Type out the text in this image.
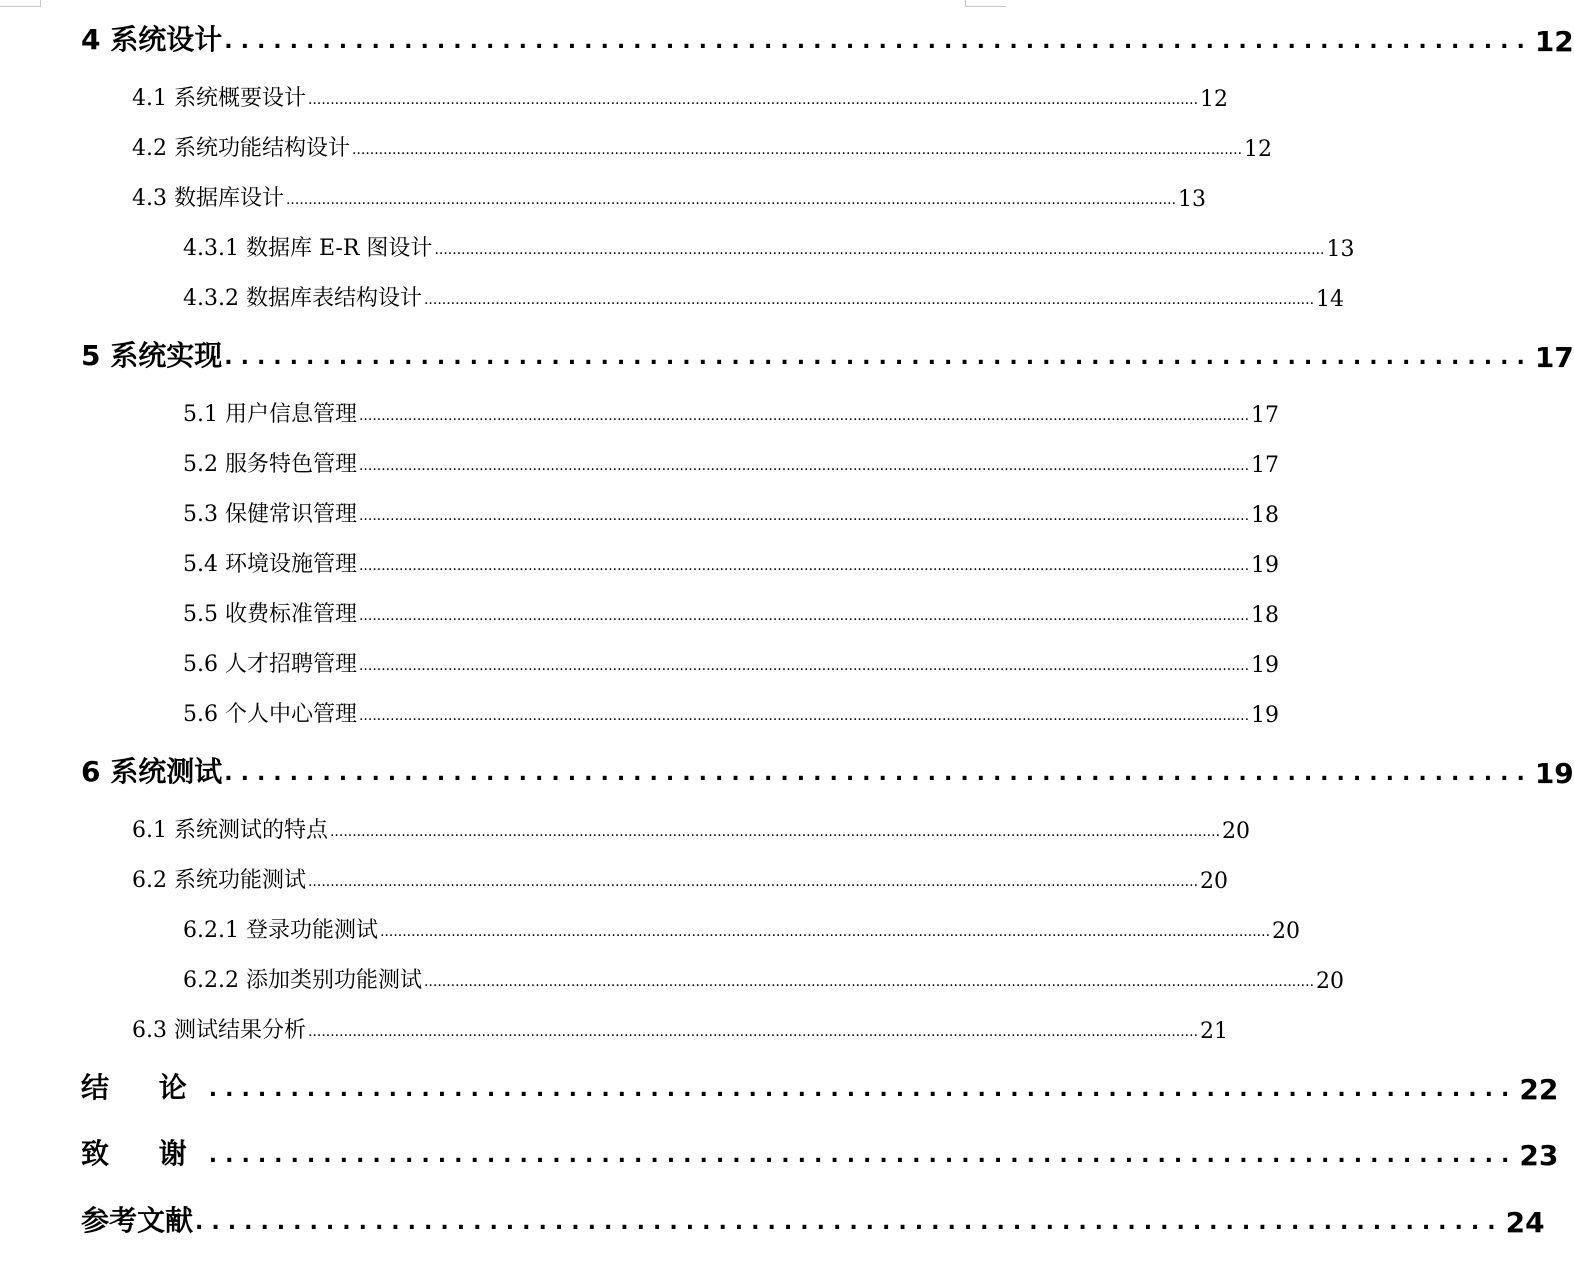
4 系统设计 ................................................................................ 12
4.1 系统概要设计 ........................................................................................................................................................................................................ 12
4.2 系统功能结构设计 ........................................................................................................................................................................................................ 12
4.3 数据库设计 ........................................................................................................................................................................................................ 13
4.3.1 数据库 E-R 图设计 ........................................................................................................................................................................................................ 13
4.3.2 数据库表结构设计 ........................................................................................................................................................................................................ 14
5 系统实现 ................................................................................ 17
5.1 用户信息管理 ........................................................................................................................................................................................................ 17
5.2 服务特色管理 ........................................................................................................................................................................................................ 17
5.3 保健常识管理 ........................................................................................................................................................................................................ 18
5.4 环境设施管理 ........................................................................................................................................................................................................ 19
5.5 收费标准管理 ........................................................................................................................................................................................................ 18
5.6 人才招聘管理 ........................................................................................................................................................................................................ 19
5.6 个人中心管理 ........................................................................................................................................................................................................ 19
6 系统测试 ................................................................................ 19
6.1 系统测试的特点 ........................................................................................................................................................................................................ 20
6.2 系统功能测试 ........................................................................................................................................................................................................ 20
6.2.1 登录功能测试 ........................................................................................................................................................................................................ 20
6.2.2 添加类别功能测试 ........................................................................................................................................................................................................ 20
6.3 测试结果分析 ........................................................................................................................................................................................................ 21
结 论 ................................................................................ 22
致 谢 ................................................................................ 23
参考文献 ................................................................................ 24
